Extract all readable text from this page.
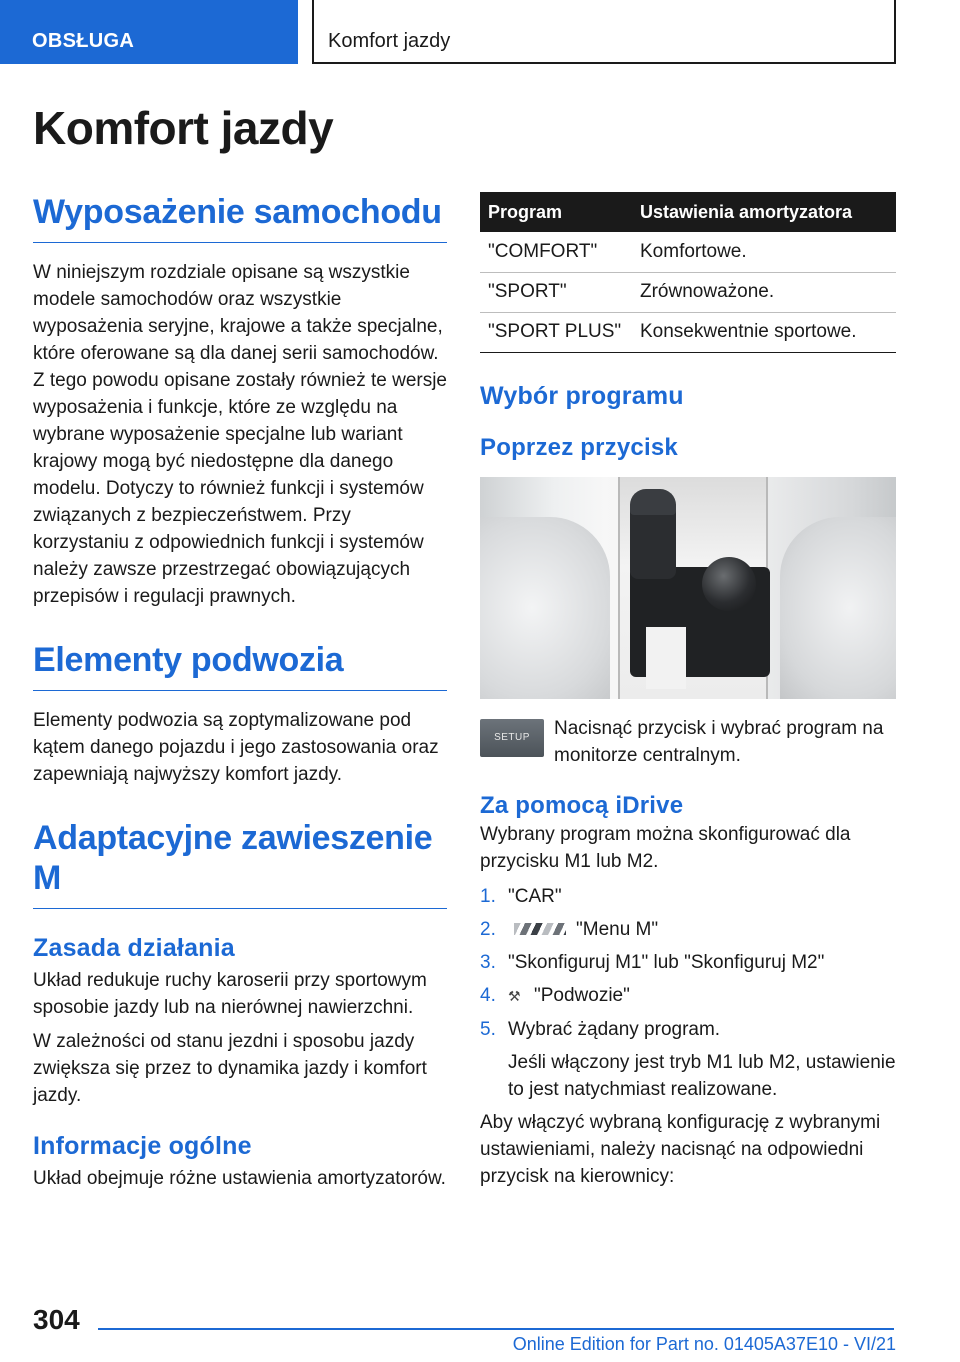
OBSŁUGA	Komfort jazdy
Komfort jazdy
Wyposażenie samochodu

W niniejszym rozdziale opisane są wszystkie modele samochodów oraz wszystkie wyposażenia seryjne, krajowe a także specjalne, które oferowane są dla danej serii samochodów. Z tego powodu opisane zostały również te wersje wyposażenia i funkcje, które ze względu na wybrane wyposażenie specjalne lub wariant krajowy mogą być niedostępne dla danego modelu. Dotyczy to również funkcji i systemów związanych z bezpieczeństwem. Przy korzystaniu z odpowiednich funkcji i systemów należy zawsze przestrzegać obowiązujących przepisów i regulacji prawnych.

Elementy podwozia

Elementy podwozia są zoptymalizowane pod kątem danego pojazdu i jego zastosowania oraz zapewniają najwyższy komfort jazdy.

Adaptacyjne zawieszenie M
Zasada działania

Układ redukuje ruchy karoserii przy sportowym sposobie jazdy lub na nierównej nawierzchni.

W zależności od stanu jezdni i sposobu jazdy zwiększa się przez to dynamika jazdy i komfort jazdy.

Informacje ogólne

Układ obejmuje różne ustawienia amortyzatorów.

Program	Ustawienia amortyzatora
"COMFORT"	Komfortowe.
"SPORT"	Zrównoważone.
"SPORT PLUS"	Konsekwentnie sportowe.
Wybór programu
Poprzez przycisk
SETUP	Nacisnąć przycisk i wybrać program na monitorze centralnym.

Za pomocą iDrive

Wybrany program można skonfigurować dla przycisku M1 lub M2.

1. "CAR"
2.	"Menu M"
3. "Skonfiguruj M1" lub "Skonfiguruj M2"
4. ⚒ "Podwozie"
5. Wybrać żądany program.

Jeśli włączony jest tryb M1 lub M2, ustawienie to jest natychmiast realizowane.

Aby włączyć wybraną konfigurację z wybranymi ustawieniami, należy nacisnąć na odpowiedni przycisk na kierownicy:

304
Online Edition for Part no. 01405A37E10 - VI/21
